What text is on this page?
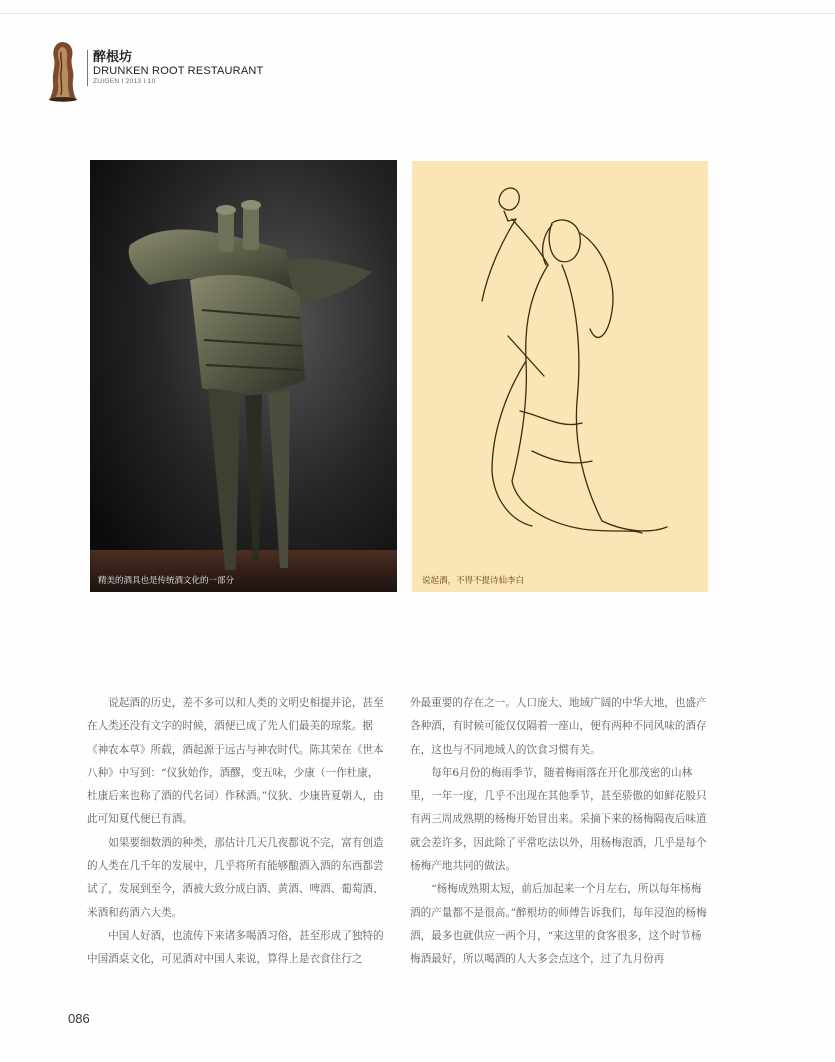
醉根坊
DRUNKEN ROOT RESTAURANT
ZUIGEN I 2013 I 10
精美的酒具也是传统酒文化的一部分	说起酒，不得不提诗仙李白

说起酒的历史，差不多可以和人类的文明史相提并论，甚至在人类还没有文字的时候，酒便已成了先人们最美的琼浆。据《神农本草》所载，酒起源于远古与神农时代。陈其荣在《世本八种》中写到：“仪狄始作，酒醪，变五味，少康（一作杜康，杜康后来也称了酒的代名词）作秫酒。”仪狄、少康皆夏朝人，由此可知夏代便已有酒。

如果要细数酒的种类，那估计几天几夜都说不完，富有创造的人类在几千年的发展中，几乎将所有能够酿酒入酒的东西都尝试了，发展到至今，酒被大致分成白酒、黄酒、啤酒、葡萄酒、米酒和药酒六大类。

中国人好酒，也流传下来诸多喝酒习俗，甚至形成了独特的中国酒桌文化，可见酒对中国人来说，算得上是衣食住行之

外最重要的存在之一。人口庞大、地域广阔的中华大地，也盛产各种酒，有时候可能仅仅隔着一座山，便有两种不同风味的酒存在，这也与不同地域人的饮食习惯有关。

每年6月份的梅雨季节，随着梅雨落在开化那茂密的山林里，一年一度，几乎不出现在其他季节，甚至骄傲的如鲜花般只有两三周成熟期的杨梅开始冒出来。采摘下来的杨梅隔夜后味道就会差许多，因此除了平常吃法以外，用杨梅泡酒，几乎是每个杨梅产地共同的做法。

“杨梅成熟期太短，前后加起来一个月左右，所以每年杨梅酒的产量都不是很高。”醉根坊的师傅告诉我们，每年浸泡的杨梅酒，最多也就供应一两个月，“来这里的食客很多，这个时节杨梅酒最好，所以喝酒的人大多会点这个，过了九月份再

086
